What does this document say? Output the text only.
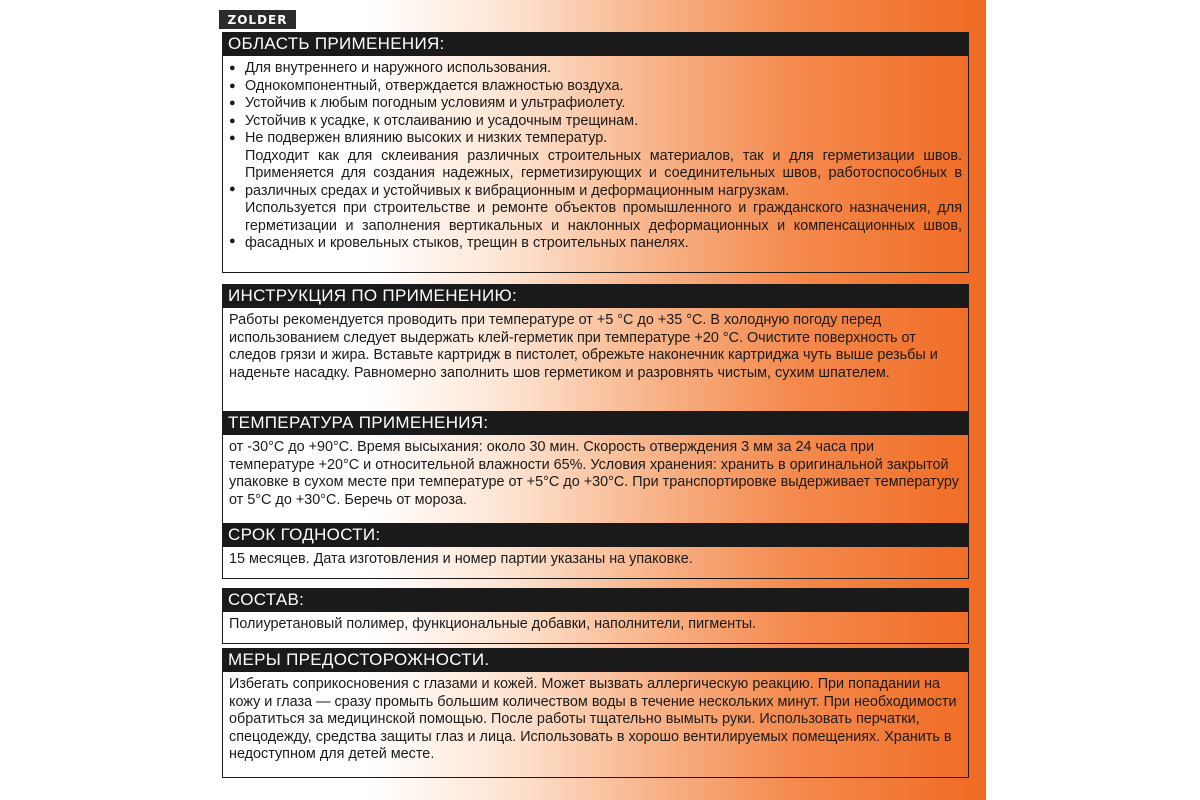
ZOLDER
ОБЛАСТЬ ПРИМЕНЕНИЯ:
● Для внутреннего и наружного использования.
● Однокомпонентный, отверждается влажностью воздуха.
● Устойчив к любым погодным условиям и ультрафиолету.
● Устойчив к усадке, к отслаиванию и усадочным трещинам.
● Не подвержен влиянию высоких и низких температур.
● Подходит как для склеивания различных строительных материалов, так и для герметизации швов. Применяется для создания надежных, герметизирующих и соединительных швов, работоспособных в различных средах и устойчивых к вибрационным и деформационным нагрузкам.
● Используется при строительстве и ремонте объектов промышленного и гражданского назначения, для герметизации и заполнения вертикальных и наклонных деформационных и компенсационных швов, фасадных и кровельных стыков, трещин в строительных панелях.
ИНСТРУКЦИЯ ПО ПРИМЕНЕНИЮ:

Работы рекомендуется проводить при температуре от +5 °C до +35 °C. В холодную погоду перед использованием следует выдержать клей-герметик при температуре +20 °C. Очистите поверхность от следов грязи и жира. Вставьте картридж в пистолет, обрежьте наконечник картриджа чуть выше резьбы и наденьте насадку. Равномерно заполнить шов герметиком и разровнять чистым, сухим шпателем.

ТЕМПЕРАТУРА ПРИМЕНЕНИЯ:

от -30°C до +90°C. Время высыхания: около 30 мин. Скорость отверждения 3 мм за 24 часа при температуре +20°C и относительной влажности 65%. Условия хранения: хранить в оригинальной закрытой упаковке в сухом месте при температуре от +5°C до +30°C. При транспортировке выдерживает температуру от 5°C до +30°C. Беречь от мороза.

СРОК ГОДНОСТИ:

15 месяцев. Дата изготовления и номер партии указаны на упаковке.

СОСТАВ:

Полиуретановый полимер, функциональные добавки, наполнители, пигменты.

МЕРЫ ПРЕДОСТОРОЖНОСТИ.

Избегать соприкосновения с глазами и кожей. Может вызвать аллергическую реакцию. При попадании на кожу и глаза — сразу промыть большим количеством воды в течение нескольких минут. При необходимости обратиться за медицинской помощью. После работы тщательно вымыть руки. Использовать перчатки, спецодежду, средства защиты глаз и лица. Использовать в хорошо вентилируемых помещениях. Хранить в недоступном для детей месте.
